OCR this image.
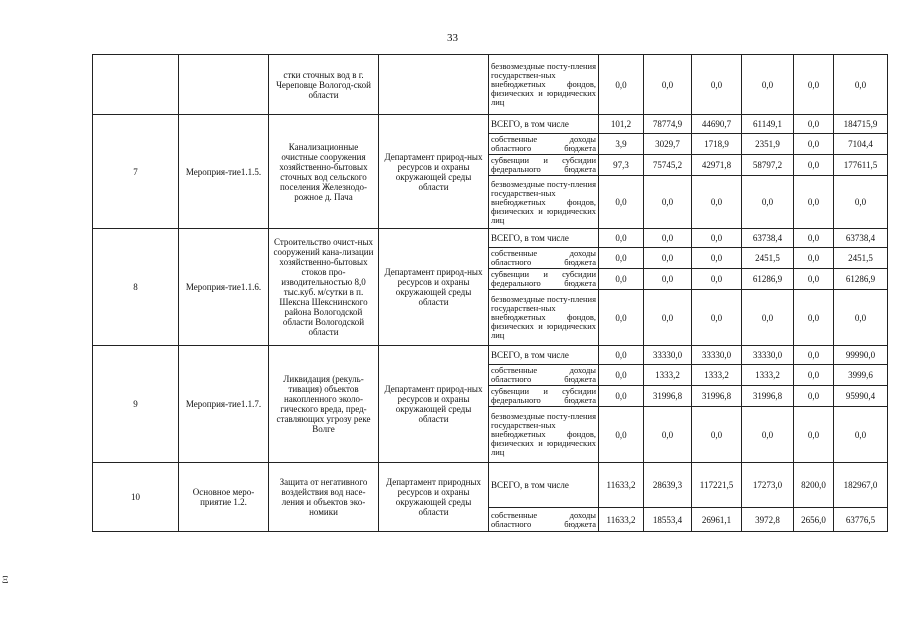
33
Ξ
		стки сточных вод в г. Череповце Вологод-ской области		безвозмездные посту-пления государствен-ных внебюджетных фондов, физических и юридических лиц	0,0	0,0	0,0	0,0	0,0	0,0
7	Мероприя-тие1.1.5.	Канализационные очистные сооружения хозяйственно-бытовых сточных вод сельского поселения Железнодо-рожное д. Пача	Департамент природ-ных ресурсов и охраны окружающей среды области	ВСЕГО, в том числе	101,2	78774,9	44690,7	61149,1	0,0	184715,9
				собственные доходы областного бюджета	3,9	3029,7	1718,9	2351,9	0,0	7104,4
				субвенции и субсидии федерального бюджета	97,3	75745,2	42971,8	58797,2	0,0	177611,5
				безвозмездные посту-пления государствен-ных внебюджетных фондов, физических и юридических лиц	0,0	0,0	0,0	0,0	0,0	0,0
8	Мероприя-тие1.1.6.	Строительство очист-ных сооружений кана-лизации хозяйственно-бытовых стоков про-изводительностью 8,0 тыс.куб. м/сутки в п. Шексна Шекснинского района Вологодской области Вологодской области	Департамент природ-ных ресурсов и охраны окружающей среды области	ВСЕГО, в том числе	0,0	0,0	0,0	63738,4	0,0	63738,4
				собственные доходы областного бюджета	0,0	0,0	0,0	2451,5	0,0	2451,5
				субвенции и субсидии федерального бюджета	0,0	0,0	0,0	61286,9	0,0	61286,9
				безвозмездные посту-пления государствен-ных внебюджетных фондов, физических и юридических лиц	0,0	0,0	0,0	0,0	0,0	0,0
9	Мероприя-тие1.1.7.	Ликвидация (рекуль-тивация) объектов накопленного эколо-гического вреда, пред-ставляющих угрозу реке Волге	Департамент природ-ных ресурсов и охраны окружающей среды области	ВСЕГО, в том числе	0,0	33330,0	33330,0	33330,0	0,0	99990,0
				собственные доходы областного бюджета	0,0	1333,2	1333,2	1333,2	0,0	3999,6
				субвенции и субсидии федерального бюджета	0,0	31996,8	31996,8	31996,8	0,0	95990,4
				безвозмездные посту-пления государствен-ных внебюджетных фондов, физических и юридических лиц	0,0	0,0	0,0	0,0	0,0	0,0
10	Основное меро-приятие 1.2.	Защита от негативного воздействия вод насе-ления и объектов эко-номики	Департамент природных ресурсов и охраны окружающей среды области	ВСЕГО, в том числе	11633,2	28639,3	117221,5	17273,0	8200,0	182967,0
				собственные доходы областного бюджета	11633,2	18553,4	26961,1	3972,8	2656,0	63776,5
